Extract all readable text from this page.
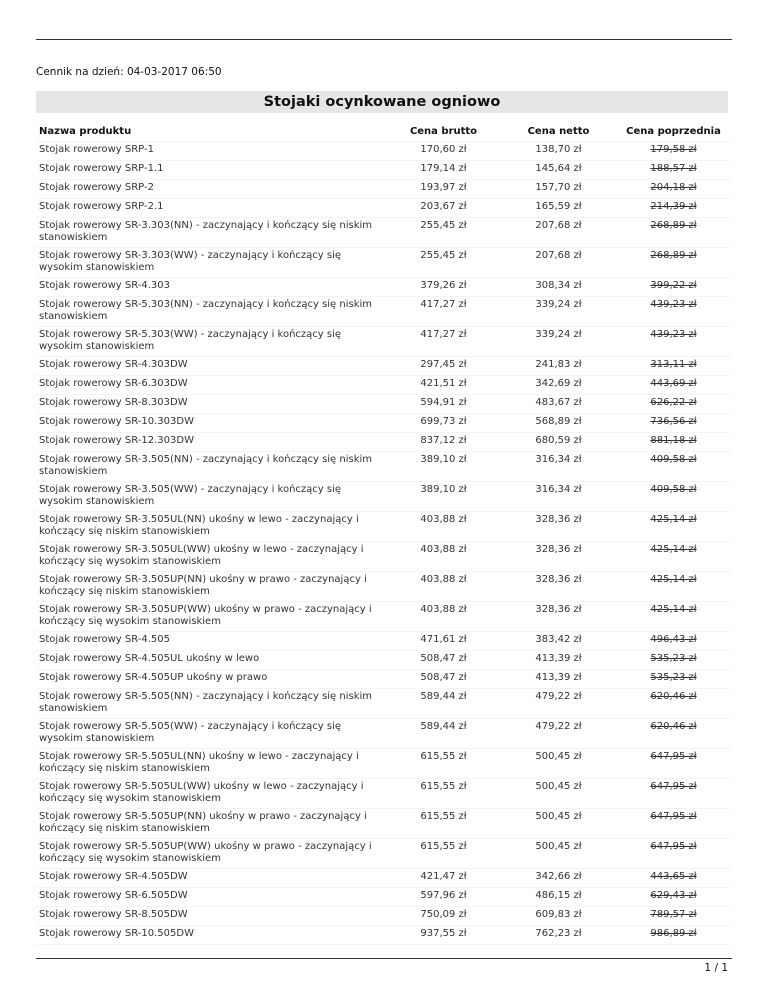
Cennik na dzień: 04-03-2017 06:50
Stojaki ocynkowane ogniowo
Nazwa produktu	Cena brutto	Cena netto	Cena poprzednia
Stojak rowerowy SRP-1	170,60 zł	138,70 zł	179,58 zł
Stojak rowerowy SRP-1.1	179,14 zł	145,64 zł	188,57 zł
Stojak rowerowy SRP-2	193,97 zł	157,70 zł	204,18 zł
Stojak rowerowy SRP-2.1	203,67 zł	165,59 zł	214,39 zł
Stojak rowerowy SR-3.303(NN) - zaczynający i kończący się niskim stanowiskiem	255,45 zł	207,68 zł	268,89 zł
Stojak rowerowy SR-3.303(WW) - zaczynający i kończący się wysokim stanowiskiem	255,45 zł	207,68 zł	268,89 zł
Stojak rowerowy SR-4.303	379,26 zł	308,34 zł	399,22 zł
Stojak rowerowy SR-5.303(NN) - zaczynający i kończący się niskim stanowiskiem	417,27 zł	339,24 zł	439,23 zł
Stojak rowerowy SR-5.303(WW) - zaczynający i kończący się wysokim stanowiskiem	417,27 zł	339,24 zł	439,23 zł
Stojak rowerowy SR-4.303DW	297,45 zł	241,83 zł	313,11 zł
Stojak rowerowy SR-6.303DW	421,51 zł	342,69 zł	443,69 zł
Stojak rowerowy SR-8.303DW	594,91 zł	483,67 zł	626,22 zł
Stojak rowerowy SR-10.303DW	699,73 zł	568,89 zł	736,56 zł
Stojak rowerowy SR-12.303DW	837,12 zł	680,59 zł	881,18 zł
Stojak rowerowy SR-3.505(NN) - zaczynający i kończący się niskim stanowiskiem	389,10 zł	316,34 zł	409,58 zł
Stojak rowerowy SR-3.505(WW) - zaczynający i kończący się wysokim stanowiskiem	389,10 zł	316,34 zł	409,58 zł
Stojak rowerowy SR-3.505UL(NN) ukośny w lewo - zaczynający i kończący się niskim stanowiskiem	403,88 zł	328,36 zł	425,14 zł
Stojak rowerowy SR-3.505UL(WW) ukośny w lewo - zaczynający i kończący się wysokim stanowiskiem	403,88 zł	328,36 zł	425,14 zł
Stojak rowerowy SR-3.505UP(NN) ukośny w prawo - zaczynający i kończący się niskim stanowiskiem	403,88 zł	328,36 zł	425,14 zł
Stojak rowerowy SR-3.505UP(WW) ukośny w prawo - zaczynający i kończący się wysokim stanowiskiem	403,88 zł	328,36 zł	425,14 zł
Stojak rowerowy SR-4.505	471,61 zł	383,42 zł	496,43 zł
Stojak rowerowy SR-4.505UL ukośny w lewo	508,47 zł	413,39 zł	535,23 zł
Stojak rowerowy SR-4.505UP ukośny w prawo	508,47 zł	413,39 zł	535,23 zł
Stojak rowerowy SR-5.505(NN) - zaczynający i kończący się niskim stanowiskiem	589,44 zł	479,22 zł	620,46 zł
Stojak rowerowy SR-5.505(WW) - zaczynający i kończący się wysokim stanowiskiem	589,44 zł	479,22 zł	620,46 zł
Stojak rowerowy SR-5.505UL(NN) ukośny w lewo - zaczynający i kończący się niskim stanowiskiem	615,55 zł	500,45 zł	647,95 zł
Stojak rowerowy SR-5.505UL(WW) ukośny w lewo - zaczynający i kończący się wysokim stanowiskiem	615,55 zł	500,45 zł	647,95 zł
Stojak rowerowy SR-5.505UP(NN) ukośny w prawo - zaczynający i kończący się niskim stanowiskiem	615,55 zł	500,45 zł	647,95 zł
Stojak rowerowy SR-5.505UP(WW) ukośny w prawo - zaczynający i kończący się wysokim stanowiskiem	615,55 zł	500,45 zł	647,95 zł
Stojak rowerowy SR-4.505DW	421,47 zł	342,66 zł	443,65 zł
Stojak rowerowy SR-6.505DW	597,96 zł	486,15 zł	629,43 zł
Stojak rowerowy SR-8.505DW	750,09 zł	609,83 zł	789,57 zł
Stojak rowerowy SR-10.505DW	937,55 zł	762,23 zł	986,89 zł
1 / 1
